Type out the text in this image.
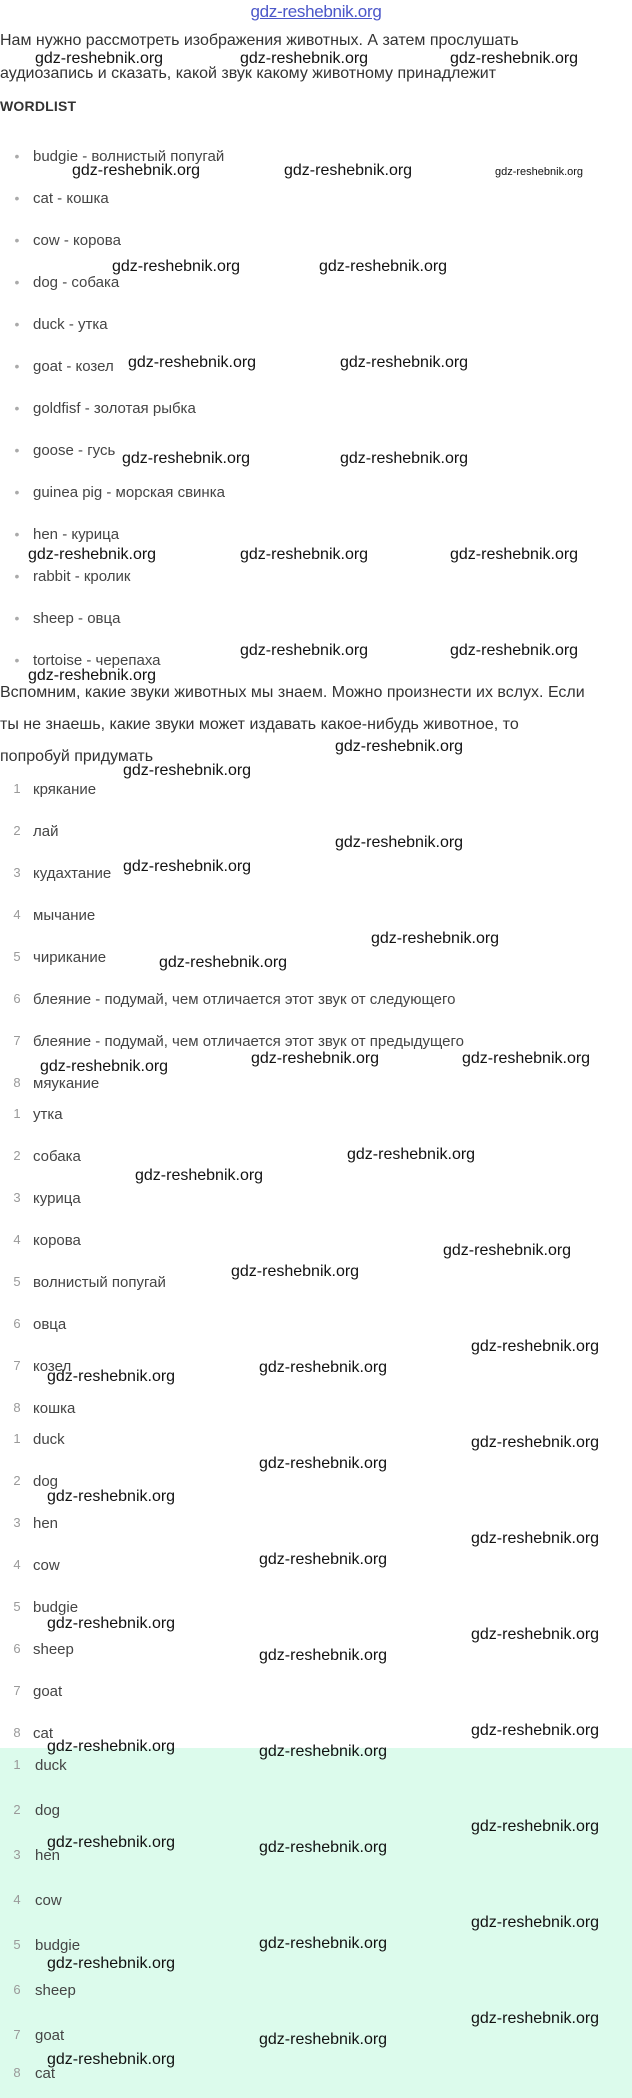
gdz-reshebnik.org
Нам нужно рассмотреть изображения животных. А затем прослушать
аудиозапись и сказать, какой звук какому животному принадлежит
WORDLIST
• budgie - волнистый попугай
• cat - кошка
• cow - корова
• dog - собака
• duck - утка
• goat - козел
• goldfisf - золотая рыбка
• goose - гусь
• guinea pig - морская свинка
• hen - курица
• rabbit - кролик
• sheep - овца
• tortoise - черепаха
Вспомним, какие звуки животных мы знаем. Можно произнести их вслух. Если
ты не знаешь, какие звуки может издавать какое-нибудь животное, то
попробуй придумать
1 крякание
2 лай
3 кудахтание
4 мычание
5 чирикание
6 блеяние - подумай, чем отличается этот звук от следующего
7 блеяние - подумай, чем отличается этот звук от предыдущего
8 мяукание
1 утка
2 собака
3 курица
4 корова
5 волнистый попугай
6 овца
7 козел
8 кошка
1 duck
2 dog
3 hen
4 cow
5 budgie
6 sheep
7 goat
8 cat
1 duck
2 dog
3 hen
4 cow
5 budgie
6 sheep
7 goat
8 cat
gdz-reshebnik.org	gdz-reshebnik.org	gdz-reshebnik.org
gdz-reshebnik.org	gdz-reshebnik.org	gdz-reshebnik.org
gdz-reshebnik.org	gdz-reshebnik.org
gdz-reshebnik.org	gdz-reshebnik.org
gdz-reshebnik.org	gdz-reshebnik.org
gdz-reshebnik.org	gdz-reshebnik.org	gdz-reshebnik.org
gdz-reshebnik.org	gdz-reshebnik.org
gdz-reshebnik.org
gdz-reshebnik.org
gdz-reshebnik.org
gdz-reshebnik.org
gdz-reshebnik.org
gdz-reshebnik.org
gdz-reshebnik.org
gdz-reshebnik.org	gdz-reshebnik.org	gdz-reshebnik.org
gdz-reshebnik.org
gdz-reshebnik.org
gdz-reshebnik.org
gdz-reshebnik.org
gdz-reshebnik.org
gdz-reshebnik.org
gdz-reshebnik.org
gdz-reshebnik.org
gdz-reshebnik.org
gdz-reshebnik.org
gdz-reshebnik.org
gdz-reshebnik.org
gdz-reshebnik.org
gdz-reshebnik.org
gdz-reshebnik.org
gdz-reshebnik.org
gdz-reshebnik.org	gdz-reshebnik.org
gdz-reshebnik.org
gdz-reshebnik.org	gdz-reshebnik.org
gdz-reshebnik.org
gdz-reshebnik.org
gdz-reshebnik.org
gdz-reshebnik.org
gdz-reshebnik.org
gdz-reshebnik.org
